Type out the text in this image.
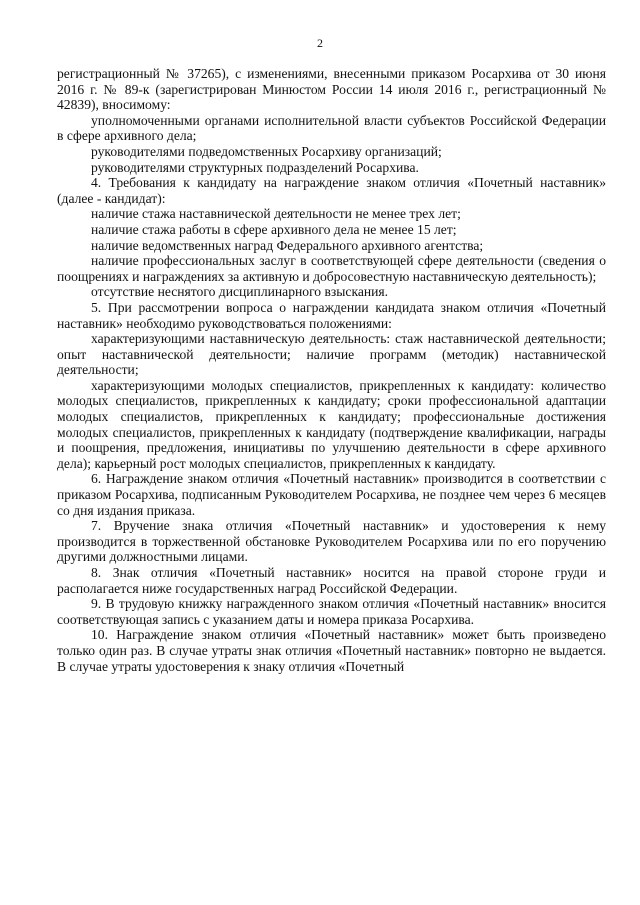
2

регистрационный № 37265), с изменениями, внесенными приказом Росархива от 30 июня 2016 г. № 89-к (зарегистрирован Минюстом России 14 июля 2016 г., регистрационный № 42839), вносимому:

уполномоченными органами исполнительной власти субъектов Российской Федерации в сфере архивного дела;

руководителями подведомственных Росархиву организаций;

руководителями структурных подразделений Росархива.

4. Требования к кандидату на награждение знаком отличия «Почетный наставник» (далее - кандидат):

наличие стажа наставнической деятельности не менее трех лет;

наличие стажа работы в сфере архивного дела не менее 15 лет;

наличие ведомственных наград Федерального архивного агентства;

наличие профессиональных заслуг в соответствующей сфере деятельности (сведения о поощрениях и награждениях за активную и добросовестную наставническую деятельность);

отсутствие неснятого дисциплинарного взыскания.

5. При рассмотрении вопроса о награждении кандидата знаком отличия «Почетный наставник» необходимо руководствоваться положениями:

характеризующими наставническую деятельность: стаж наставнической деятельности; опыт наставнической деятельности; наличие программ (методик) наставнической деятельности;

характеризующими молодых специалистов, прикрепленных к кандидату: количество молодых специалистов, прикрепленных к кандидату; сроки профессиональной адаптации молодых специалистов, прикрепленных к кандидату; профессиональные достижения молодых специалистов, прикрепленных к кандидату (подтверждение квалификации, награды и поощрения, предложения, инициативы по улучшению деятельности в сфере архивного дела); карьерный рост молодых специалистов, прикрепленных к кандидату.

6. Награждение знаком отличия «Почетный наставник» производится в соответствии с приказом Росархива, подписанным Руководителем Росархива, не позднее чем через 6 месяцев со дня издания приказа.

7. Вручение знака отличия «Почетный наставник» и удостоверения к нему производится в торжественной обстановке Руководителем Росархива или по его поручению другими должностными лицами.

8. Знак отличия «Почетный наставник» носится на правой стороне груди и располагается ниже государственных наград Российской Федерации.

9. В трудовую книжку награжденного знаком отличия «Почетный наставник» вносится соответствующая запись с указанием даты и номера приказа Росархива.

10. Награждение знаком отличия «Почетный наставник» может быть произведено только один раз. В случае утраты знак отличия «Почетный наставник» повторно не выдается. В случае утраты удостоверения к знаку отличия «Почетный
